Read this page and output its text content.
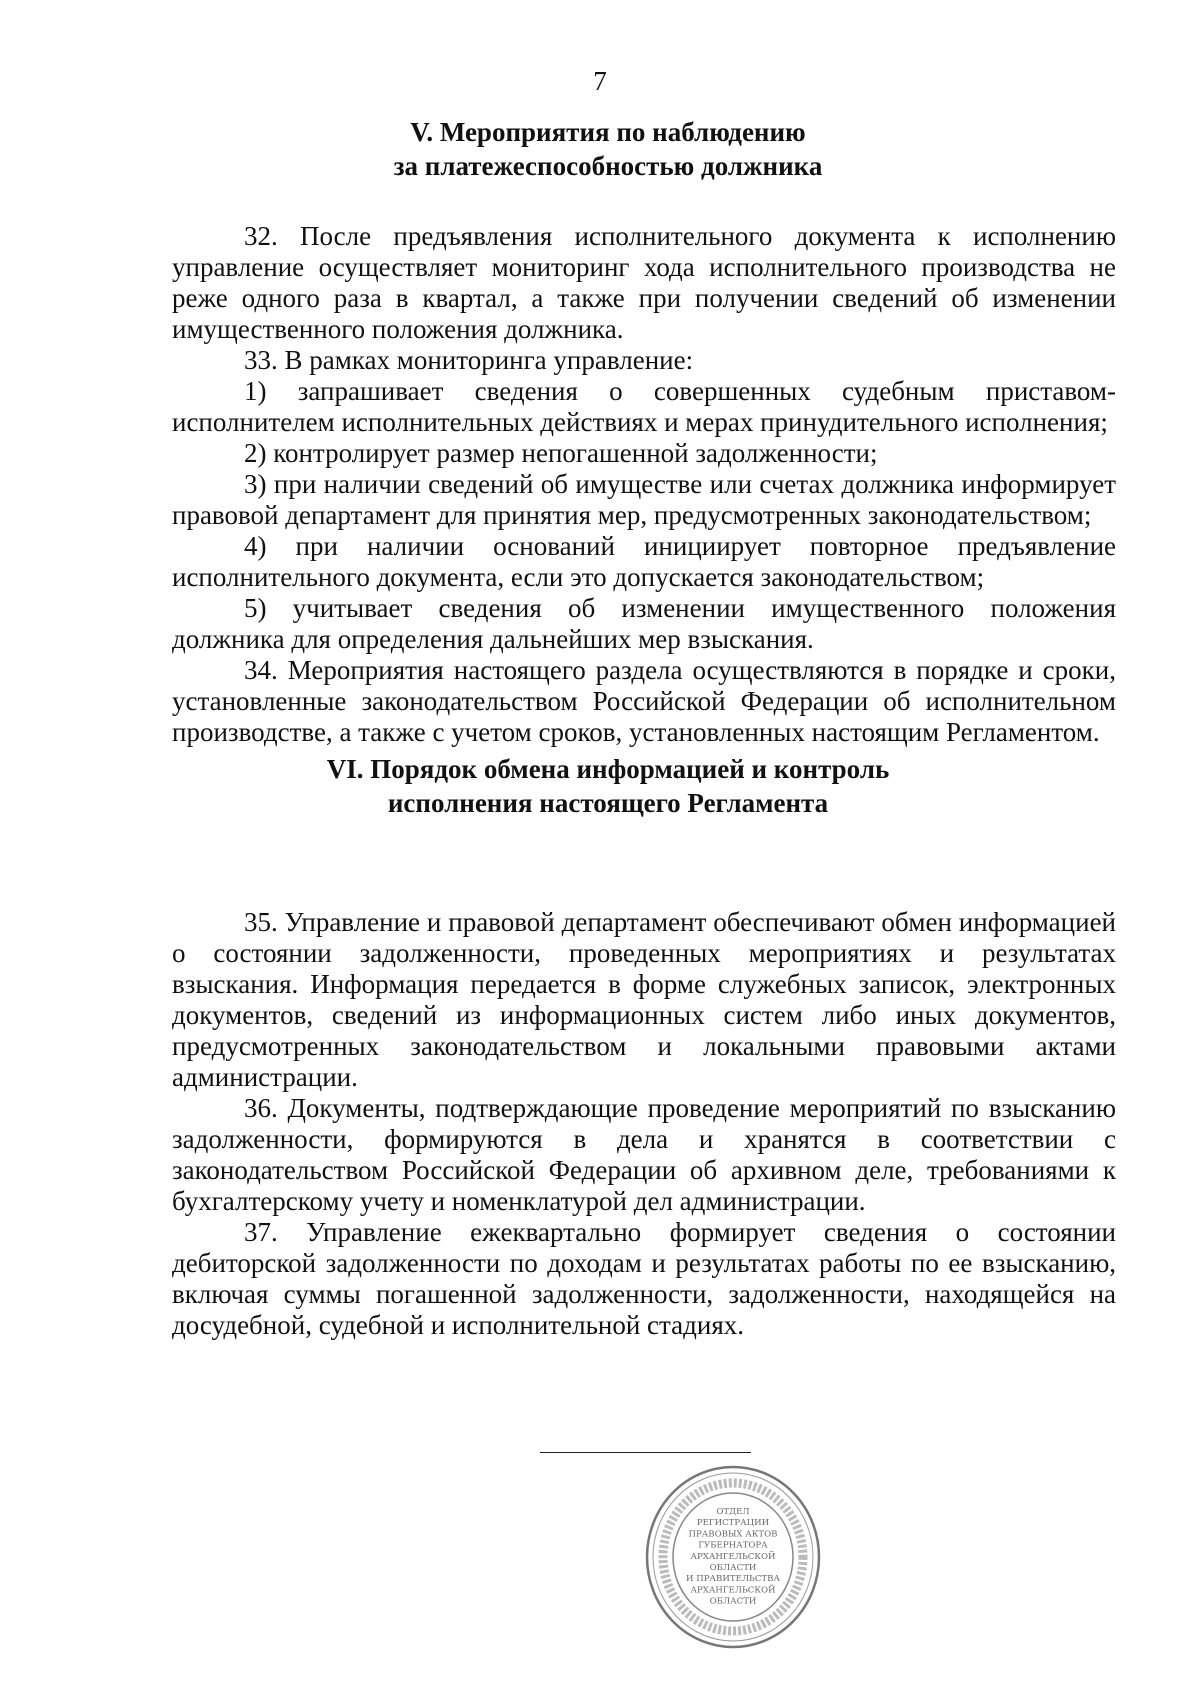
7
V. Мероприятия по наблюдению
за платежеспособностью должника

32. После предъявления исполнительного документа к исполнению управление осуществляет мониторинг хода исполнительного производства не реже одного раза в квартал, а также при получении сведений об изменении имущественного положения должника.

33. В рамках мониторинга управление:

1) запрашивает сведения о совершенных судебным приставом-исполнителем исполнительных действиях и мерах принудительного исполнения;

2) контролирует размер непогашенной задолженности;

3) при наличии сведений об имуществе или счетах должника информирует правовой департамент для принятия мер, предусмотренных законодательством;

4) при наличии оснований инициирует повторное предъявление исполнительного документа, если это допускается законодательством;

5) учитывает сведения об изменении имущественного положения должника для определения дальнейших мер взыскания.

34. Мероприятия настоящего раздела осуществляются в порядке и сроки, установленные законодательством Российской Федерации об исполнительном производстве, а также с учетом сроков, установленных настоящим Регламентом.

VI. Порядок обмена информацией и контроль
исполнения настоящего Регламента

35. Управление и правовой департамент обеспечивают обмен информацией о состоянии задолженности, проведенных мероприятиях и результатах взыскания. Информация передается в форме служебных записок, электронных документов, сведений из информационных систем либо иных документов, предусмотренных законодательством и локальными правовыми актами администрации.

36. Документы, подтверждающие проведение мероприятий по взысканию задолженности, формируются в дела и хранятся в соответствии с законодательством Российской Федерации об архивном деле, требованиями к бухгалтерскому учету и номенклатурой дел администрации.

37. Управление ежеквартально формирует сведения о состоянии дебиторской задолженности по доходам и результатах работы по ее взысканию, включая суммы погашенной задолженности, задолженности, находящейся на досудебной, судебной и исполнительной стадиях.

ОТДЕЛ
РЕГИСТРАЦИИ
ПРАВОВЫХ АКТОВ
ГУБЕРНАТОРА
АРХАНГЕЛЬСКОЙ
ОБЛАСТИ
И ПРАВИТЕЛЬСТВА
АРХАНГЕЛЬСКОЙ
ОБЛАСТИ
